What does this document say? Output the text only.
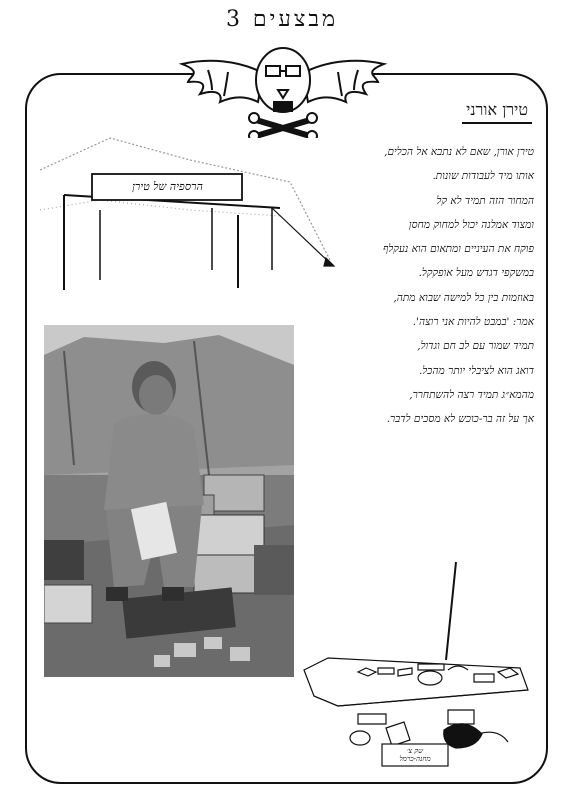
מבצעים 3
טירן אורני
טירן אורן, שאם לא נתבא אל הכלים,
אותו מיד לעבודות שונות.
המחור הזה תמיד לא קל
ומצוד אמלנה יכול למחוק מחסן
פוקח את העיניים ומתאום הוא נעקלף
במשקפי דגדש מעל אופקקל.
באוזמות בין כל למישה שבוא מתה,
אמר: 'במבט להיות אני רוצה'.
תמיד שמור עם לב חם וגדול,
דואג הוא לציבלי יותר מהכל.
מהמא״ג תמיד רצה להשתחרר,
אך על זה בר-כוכש לא מסכים לדבר.
הרספיה של טירן
שק צ׳
מחנה-כרמל
